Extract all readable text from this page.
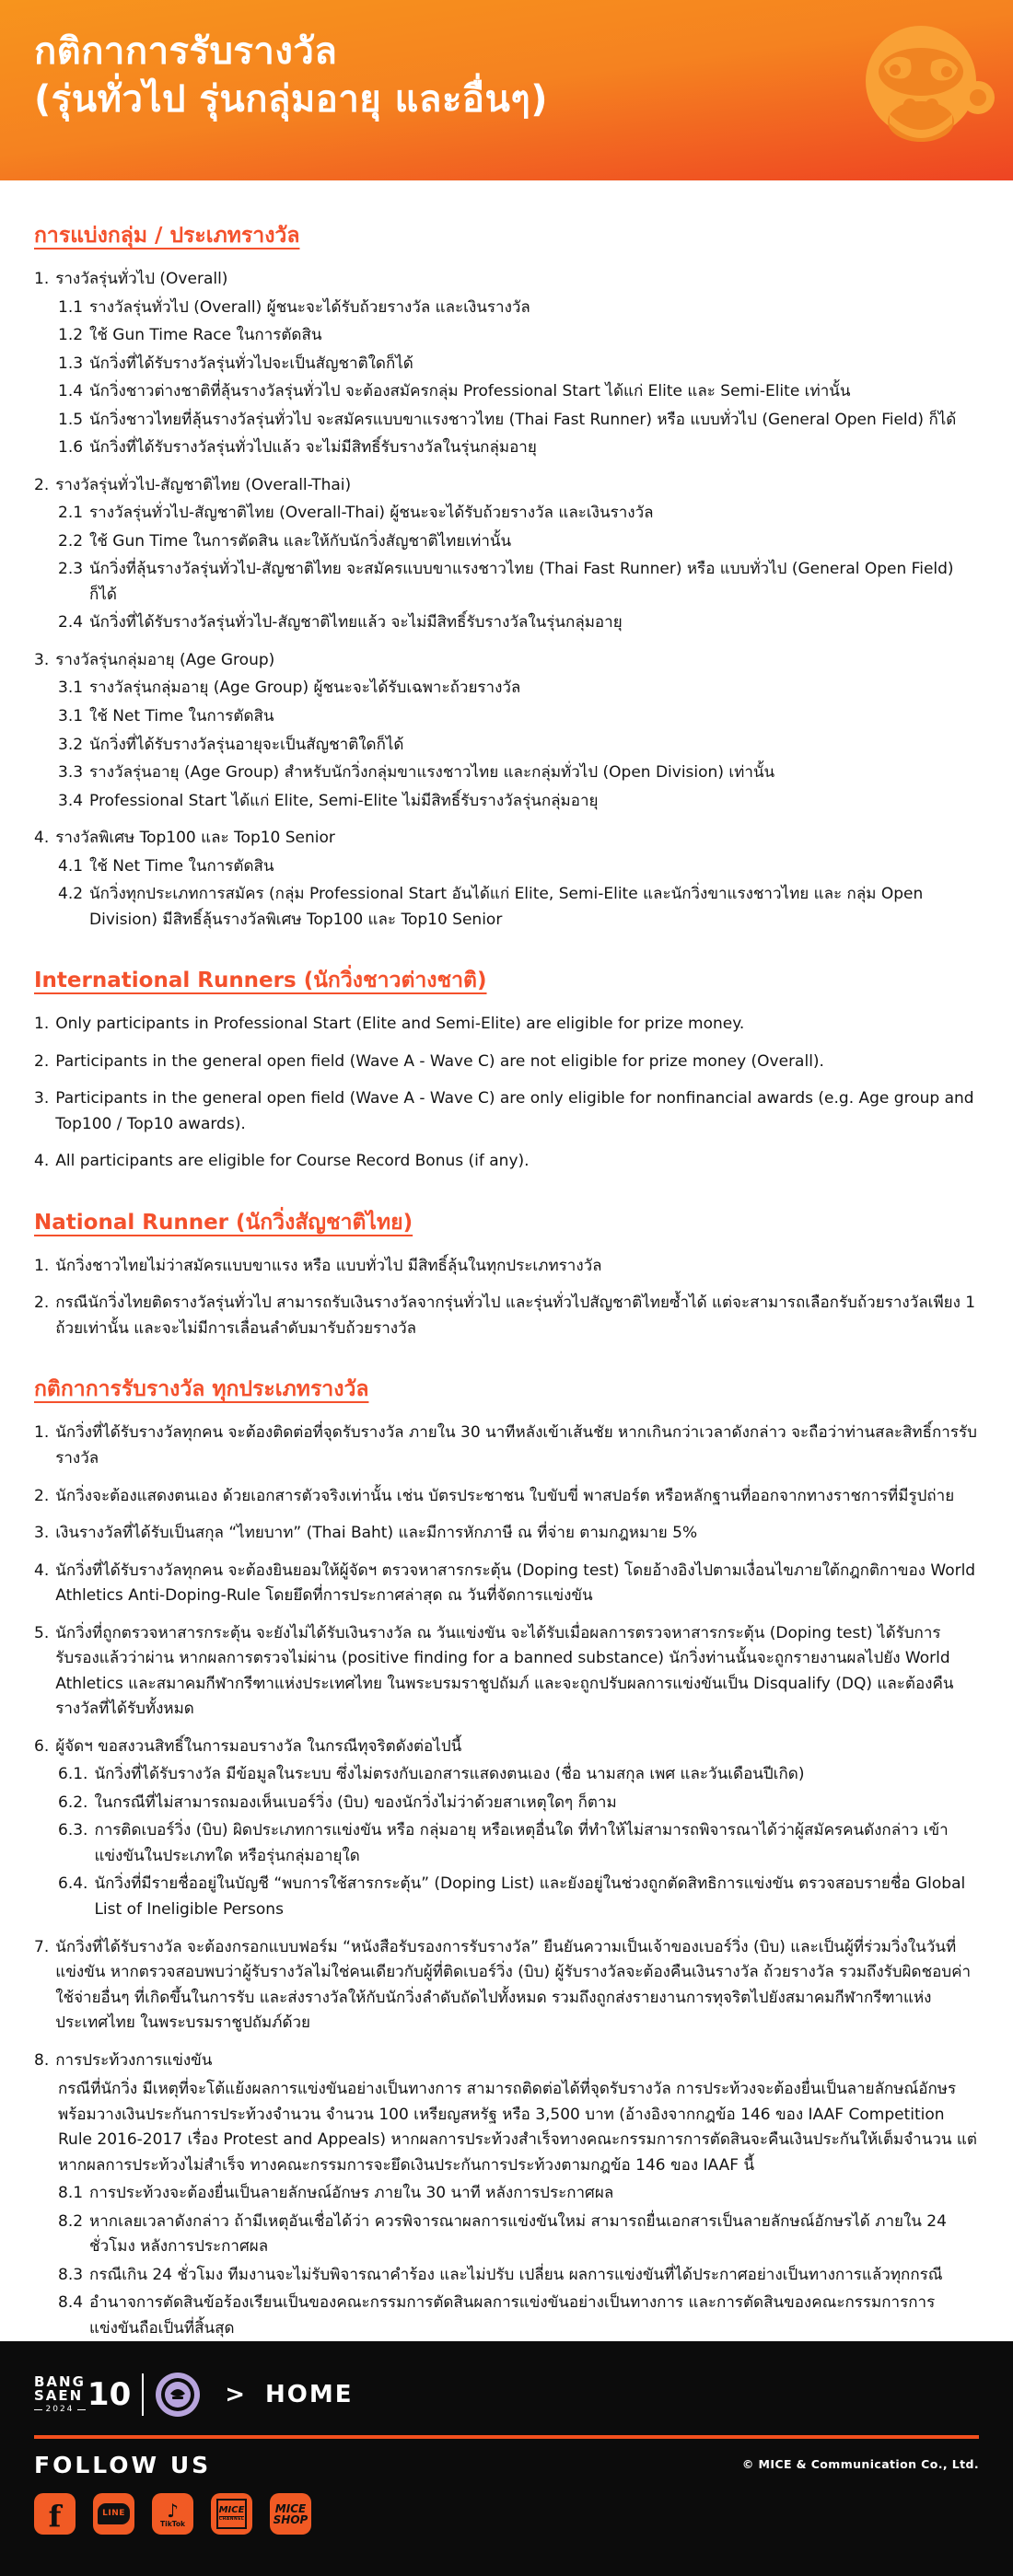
กติกาการรับรางวัล
(รุ่นทั่วไป รุ่นกลุ่มอายุ และอื่นๆ)
การแบ่งกลุ่ม / ประเภทรางวัล
1. รางวัลรุ่นทั่วไป (Overall)
1.1 รางวัลรุ่นทั่วไป (Overall) ผู้ชนะจะได้รับถ้วยรางวัล และเงินรางวัล
1.2 ใช้ Gun Time Race ในการตัดสิน
1.3 นักวิ่งที่ได้รับรางวัลรุ่นทั่วไปจะเป็นสัญชาติใดก็ได้
1.4 นักวิ่งชาวต่างชาติที่ลุ้นรางวัลรุ่นทั่วไป จะต้องสมัครกลุ่ม Professional Start ได้แก่ Elite และ Semi-Elite เท่านั้น
1.5 นักวิ่งชาวไทยที่ลุ้นรางวัลรุ่นทั่วไป จะสมัครแบบขาแรงชาวไทย (Thai Fast Runner) หรือ แบบทั่วไป (General Open Field) ก็ได้
1.6 นักวิ่งที่ได้รับรางวัลรุ่นทั่วไปแล้ว จะไม่มีสิทธิ์รับรางวัลในรุ่นกลุ่มอายุ
2. รางวัลรุ่นทั่วไป-สัญชาติไทย (Overall-Thai)
2.1 รางวัลรุ่นทั่วไป-สัญชาติไทย (Overall-Thai) ผู้ชนะจะได้รับถ้วยรางวัล และเงินรางวัล
2.2 ใช้ Gun Time ในการตัดสิน และให้กับนักวิ่งสัญชาติไทยเท่านั้น
2.3 นักวิ่งที่ลุ้นรางวัลรุ่นทั่วไป-สัญชาติไทย จะสมัครแบบขาแรงชาวไทย (Thai Fast Runner) หรือ แบบทั่วไป (General Open Field) ก็ได้
2.4 นักวิ่งที่ได้รับรางวัลรุ่นทั่วไป-สัญชาติไทยแล้ว จะไม่มีสิทธิ์รับรางวัลในรุ่นกลุ่มอายุ
3. รางวัลรุ่นกลุ่มอายุ (Age Group)
3.1 รางวัลรุ่นกลุ่มอายุ (Age Group) ผู้ชนะจะได้รับเฉพาะถ้วยรางวัล
3.1 ใช้ Net Time ในการตัดสิน
3.2 นักวิ่งที่ได้รับรางวัลรุ่นอายุจะเป็นสัญชาติใดก็ได้
3.3 รางวัลรุ่นอายุ (Age Group) สำหรับนักวิ่งกลุ่มขาแรงชาวไทย และกลุ่มทั่วไป (Open Division) เท่านั้น
3.4 Professional Start ได้แก่ Elite, Semi-Elite ไม่มีสิทธิ์รับรางวัลรุ่นกลุ่มอายุ
4. รางวัลพิเศษ Top100 และ Top10 Senior
4.1 ใช้ Net Time ในการตัดสิน
4.2 นักวิ่งทุกประเภทการสมัคร (กลุ่ม Professional Start อันได้แก่ Elite, Semi-Elite และนักวิ่งขาแรงชาวไทย และ กลุ่ม Open Division) มีสิทธิ์ลุ้นรางวัลพิเศษ Top100 และ Top10 Senior
International Runners (นักวิ่งชาวต่างชาติ)
1. Only participants in Professional Start (Elite and Semi-Elite) are eligible for prize money.
2. Participants in the general open field (Wave A - Wave C) are not eligible for prize money (Overall).
3. Participants in the general open field (Wave A - Wave C) are only eligible for nonfinancial awards (e.g. Age group and Top100 / Top10 awards).
4. All participants are eligible for Course Record Bonus (if any).
National Runner (นักวิ่งสัญชาติไทย)
1. นักวิ่งชาวไทยไม่ว่าสมัครแบบขาแรง หรือ แบบทั่วไป มีสิทธิ์ลุ้นในทุกประเภทรางวัล
2. กรณีนักวิ่งไทยติดรางวัลรุ่นทั่วไป สามารถรับเงินรางวัลจากรุ่นทั่วไป และรุ่นทั่วไปสัญชาติไทยซ้ำได้ แต่จะสามารถเลือกรับถ้วยรางวัลเพียง 1 ถ้วยเท่านั้น และจะไม่มีการเลื่อนลำดับมารับถ้วยรางวัล
กติกาการรับรางวัล ทุกประเภทรางวัล
1. นักวิ่งที่ได้รับรางวัลทุกคน จะต้องติดต่อที่จุดรับรางวัล ภายใน 30 นาทีหลังเข้าเส้นชัย หากเกินกว่าเวลาดังกล่าว จะถือว่าท่านสละสิทธิ์การรับรางวัล
2. นักวิ่งจะต้องแสดงตนเอง ด้วยเอกสารตัวจริงเท่านั้น เช่น บัตรประชาชน ใบขับขี่ พาสปอร์ต หรือหลักฐานที่ออกจากทางราชการที่มีรูปถ่าย
3. เงินรางวัลที่ได้รับเป็นสกุล “ไทยบาท” (Thai Baht) และมีการหักภาษี ณ ที่จ่าย ตามกฎหมาย 5%
4. นักวิ่งที่ได้รับรางวัลทุกคน จะต้องยินยอมให้ผู้จัดฯ ตรวจหาสารกระตุ้น (Doping test) โดยอ้างอิงไปตามเงื่อนไขภายใต้กฎกติกาของ World Athletics Anti-Doping-Rule โดยยึดที่การประกาศล่าสุด ณ วันที่จัดการแข่งขัน
5. นักวิ่งที่ถูกตรวจหาสารกระตุ้น จะยังไม่ได้รับเงินรางวัล ณ วันแข่งขัน จะได้รับเมื่อผลการตรวจหาสารกระตุ้น (Doping test) ได้รับการรับรองแล้วว่าผ่าน หากผลการตรวจไม่ผ่าน (positive finding for a banned substance) นักวิ่งท่านนั้นจะถูกรายงานผลไปยัง World Athletics และสมาคมกีฬากรีฑาแห่งประเทศไทย ในพระบรมราชูปถัมภ์ และจะถูกปรับผลการแข่งขันเป็น Disqualify (DQ) และต้องคืนรางวัลที่ได้รับทั้งหมด
6. ผู้จัดฯ ขอสงวนสิทธิ์ในการมอบรางวัล ในกรณีทุจริตดังต่อไปนี้
6.1. นักวิ่งที่ได้รับรางวัล มีข้อมูลในระบบ ซึ่งไม่ตรงกับเอกสารแสดงตนเอง (ชื่อ นามสกุล เพศ และวันเดือนปีเกิด)
6.2. ในกรณีที่ไม่สามารถมองเห็นเบอร์วิ่ง (บิบ) ของนักวิ่งไม่ว่าด้วยสาเหตุใดๆ ก็ตาม
6.3. การติดเบอร์วิ่ง (บิบ) ผิดประเภทการแข่งขัน หรือ กลุ่มอายุ หรือเหตุอื่นใด ที่ทำให้ไม่สามารถพิจารณาได้ว่าผู้สมัครคนดังกล่าว เข้าแข่งขันในประเภทใด หรือรุ่นกลุ่มอายุใด
6.4. นักวิ่งที่มีรายชื่ออยู่ในบัญชี “พบการใช้สารกระตุ้น” (Doping List) และยังอยู่ในช่วงถูกตัดสิทธิการแข่งขัน ตรวจสอบรายชื่อ Global List of Ineligible Persons
7. นักวิ่งที่ได้รับรางวัล จะต้องกรอกแบบฟอร์ม “หนังสือรับรองการรับรางวัล” ยืนยันความเป็นเจ้าของเบอร์วิ่ง (บิบ) และเป็นผู้ที่ร่วมวิ่งในวันที่แข่งขัน หากตรวจสอบพบว่าผู้รับรางวัลไม่ใช่คนเดียวกับผู้ที่ติดเบอร์วิ่ง (บิบ) ผู้รับรางวัลจะต้องคืนเงินรางวัล ถ้วยรางวัล รวมถึงรับผิดชอบค่าใช้จ่ายอื่นๆ ที่เกิดขึ้นในการรับ และส่งรางวัลให้กับนักวิ่งลำดับถัดไปทั้งหมด รวมถึงถูกส่งรายงานการทุจริตไปยังสมาคมกีฬากรีฑาแห่งประเทศไทย ในพระบรมราชูปถัมภ์ด้วย
8. การประท้วงการแข่งขัน
กรณีที่นักวิ่ง มีเหตุที่จะโต้แย้งผลการแข่งขันอย่างเป็นทางการ สามารถติดต่อได้ที่จุดรับรางวัล การประท้วงจะต้องยื่นเป็นลายลักษณ์อักษรพร้อมวางเงินประกันการประท้วงจำนวน จำนวน 100 เหรียญสหรัฐ หรือ 3,500 บาท (อ้างอิงจากกฎข้อ 146 ของ IAAF Competition Rule 2016-2017 เรื่อง Protest and Appeals) หากผลการประท้วงสำเร็จทางคณะกรรมการการตัดสินจะคืนเงินประกันให้เต็มจำนวน แต่หากผลการประท้วงไม่สำเร็จ ทางคณะกรรมการจะยึดเงินประกันการประท้วงตามกฎข้อ 146 ของ IAAF นี้
8.1 การประท้วงจะต้องยื่นเป็นลายลักษณ์อักษร ภายใน 30 นาที หลังการประกาศผล
8.2 หากเลยเวลาดังกล่าว ถ้ามีเหตุอันเชื่อได้ว่า ควรพิจารณาผลการแข่งขันใหม่ สามารถยื่นเอกสารเป็นลายลักษณ์อักษรได้ ภายใน 24 ชั่วโมง หลังการประกาศผล
8.3 กรณีเกิน 24 ชั่วโมง ทีมงานจะไม่รับพิจารณาคำร้อง และไม่ปรับ เปลี่ยน ผลการแข่งขันที่ได้ประกาศอย่างเป็นทางการแล้วทุกกรณี
8.4 อำนาจการตัดสินข้อร้องเรียนเป็นของคณะกรรมการตัดสินผลการแข่งขันอย่างเป็นทางการ และการตัดสินของคณะกรรมการการแข่งขันถือเป็นที่สิ้นสุด
BANG
SAEN
2024 10	> HOME
FOLLOW US	© MICE & Communication Co., Ltd.
f	LINE ♪
TikTok
MICE
CHANNEL
MICE
SHOP
